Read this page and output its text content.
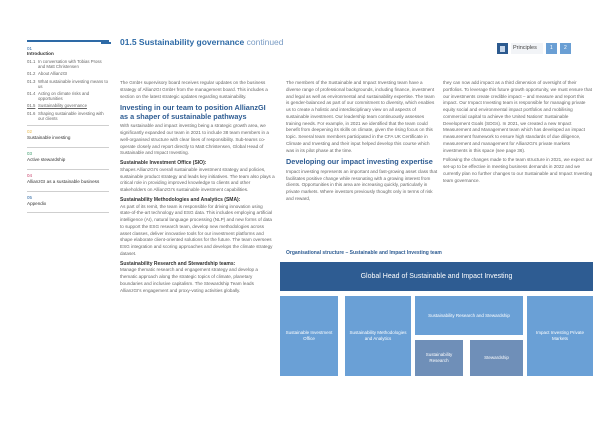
01
Introduction
01.1 In conversation with Tobias Pross and Matt Christensen
01.2 About AllianzGI
01.3 What sustainable investing means to us
01.4 Acting on climate risks and opportunities
01.5 Sustainability governance
01.6 Shaping sustainable investing with our clients
02
Sustainable investing
03
Active stewardship
04
AllianzGI as a sustainable business
05
Appendix
01.5 Sustainability governance continued
Principles	1	2

The GmbH supervisory board receives regular updates on the business strategy of AllianzGI GmbH from the management board. This includes a section on the latest strategic updates regarding sustainability.

Investing in our team to position AllianzGI as a shaper of sustainable pathways

With sustainable and impact investing being a strategic growth area, we significantly expanded our team in 2021 to include 38 team members in a well-organised structure with clear lines of responsibility. Sub-teams co-operate closely and report directly to Matt Christensen, Global Head of Sustainable and Impact Investing.

Sustainable Investment Office (SIO):

Shapes AllianzGI's overall sustainable investment strategy and policies, sustainable product strategy and leads key initiatives. The team also plays a critical role in providing improved knowledge to clients and other stakeholders on AllianzGI's sustainable investment capabilities.

Sustainability Methodologies and Analytics (SMA):

As part of its remit, the team is responsible for driving innovation using state-of-the-art technology and ESG data. This includes employing artificial intelligence (AI), natural language processing (NLP) and new forms of data to support the ESG research team, develop new methodologies across asset classes, deliver innovative tools for our investment platforms and shape elaborate client-oriented solutions for the future. The team oversees ESG integration and scoring approaches and develops the climate strategy dataset.

Sustainability Research and Stewardship teams:

Manage thematic research and engagement strategy and develop a thematic approach along the strategic topics of climate, planetary boundaries and inclusive capitalism. The Stewardship Team leads AllianzGI's engagement and proxy-voting activities globally.

The members of the Sustainable and Impact Investing team have a diverse range of professional backgrounds, including finance, investment and legal as well as environmental and sustainability expertise. The team is gender-balanced as part of our commitment to diversity, which enables us to create a holistic and interdisciplinary view on all aspects of sustainable investment. Our leadership team continuously assesses training needs. For example, in 2021 we identified that the team could benefit from deepening its skills on climate, given the rising focus on this topic. Several team members participated in the CFA UK Certificate in Climate and Investing and their input helped develop this course which was in its pilot phase at the time.

Developing our impact investing expertise

Impact investing represents an important and fast-growing asset class that facilitates positive change while resonating with a growing interest from clients. Opportunities in this area are increasing quickly, particularly in private markets. Where investors previously thought only in terms of risk and reward,

they can now add impact as a third dimension of oversight of their portfolios. To leverage this future growth opportunity, we must ensure that our investments create credible impact – and measure and report this impact. Our Impact Investing team is responsible for managing private equity social and environmental impact portfolios and mobilising commercial capital to achieve the United Nations' Sustainable Development Goals (SDGs). In 2021, we created a new Impact Measurement and Management team which has developed an impact measurement framework to ensure high standards of due diligence, measurement and management for AllianzGI's private markets investments in this space (see page 36).

Following the changes made to the team structure in 2021, we expect our set-up to be effective in meeting business demands in 2022 and we currently plan no further changes to our Sustainable and Impact Investing team governance.

Organisational structure – Sustainable and Impact Investing team
Global Head of Sustainable and Impact Investing
Sustainable Investment Office
Sustainability Methodologies and Analytics
Sustainability Research and Stewardship
Sustainability Research
Stewardship
Impact Investing Private Markets
